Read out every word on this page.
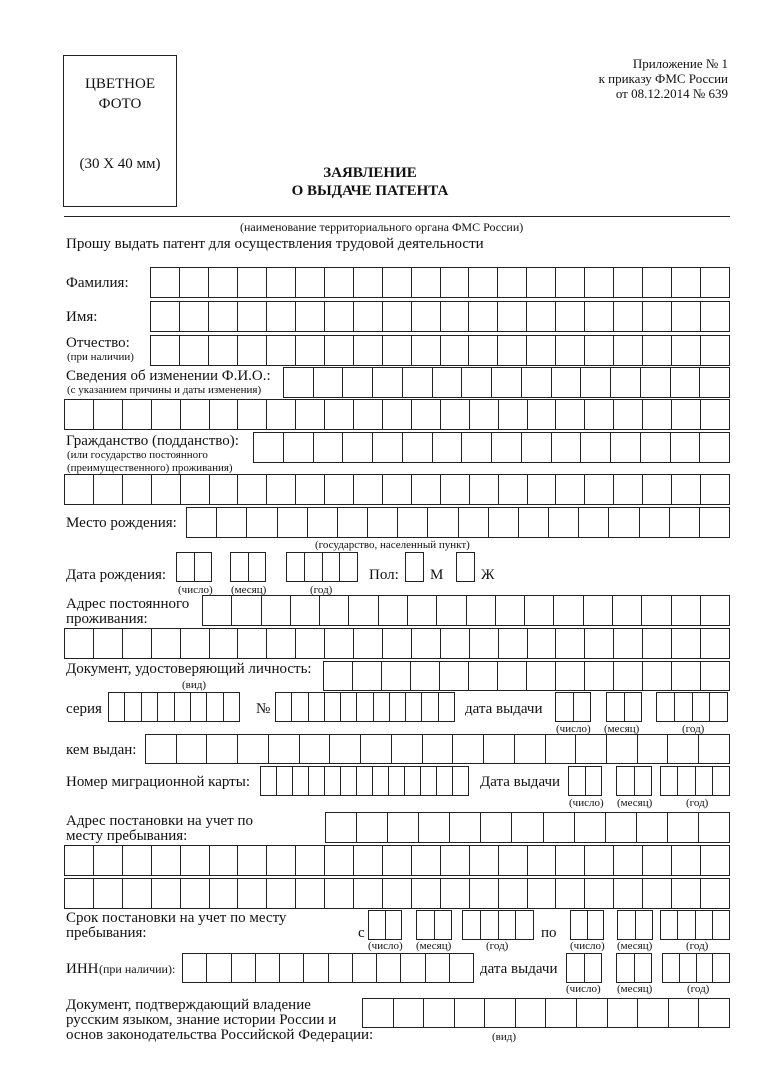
ЦВЕТНОЕ
ФОТО
(30 Х 40 мм)
Приложение № 1
к приказу ФМС России
от 08.12.2014 № 639
ЗАЯВЛЕНИЕ
О ВЫДАЧЕ ПАТЕНТА
(наименование территориального органа ФМС России)
Прошу выдать патент для осуществления трудовой деятельности
Фамилия:
Имя:
Отчество:
(при наличии)
Сведения об изменении Ф.И.О.:
(с указанием причины и даты изменения)
Гражданство (подданство):
(или государство постоянного
(преимущественного) проживания)
Место рождения:
(государство, населенный пункт)
Дата рождения:
(число) (месяц)	(год)
Пол: М	Ж
Адрес постоянного
проживания:
Документ, удостоверяющий личность:
(вид)
серия	№	дата выдачи
(число) (месяц)	(год)
кем выдан:
Номер миграционной карты:	Дата выдачи
(число) (месяц)	(год)
Адрес постановки на учет по
месту пребывания:
Срок постановки на учет по месту
пребывания:	с
(число) (месяц)	(год)
по
(число) (месяц)	(год)
ИНН (при наличии):	дата выдачи
(число) (месяц)	(год)
Документ, подтверждающий владение
русским языком, знание истории России и
основ законодательства Российской Федерации:	(вид)
